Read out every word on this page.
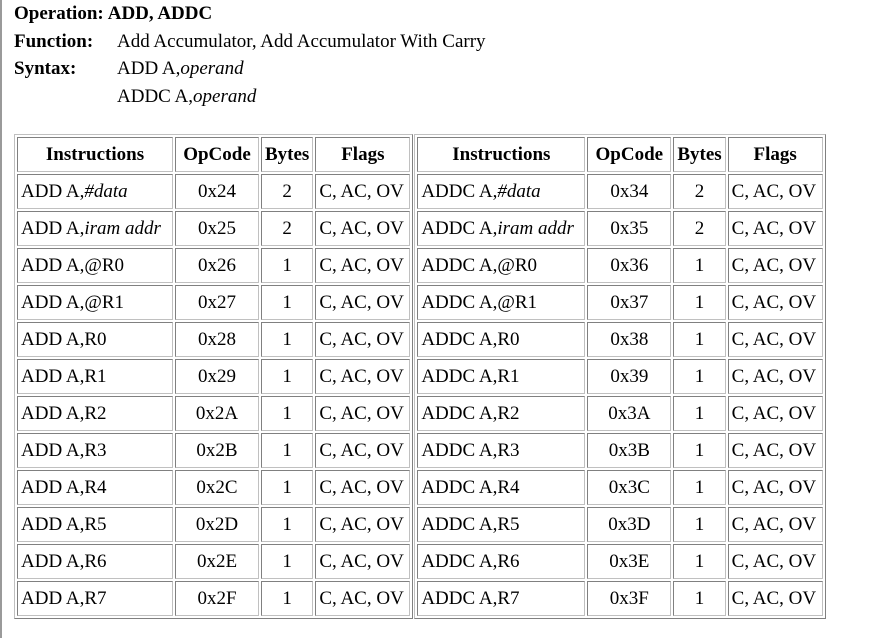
Operation: ADD, ADDC
Function:	Add Accumulator, Add Accumulator With Carry
Syntax:	ADD A,operand
ADDC A,operand
Instructions	OpCode	Bytes	Flags
ADD A,#data	0x24	2	C, AC, OV
ADD A,iram addr	0x25	2	C, AC, OV
ADD A,@R0	0x26	1	C, AC, OV
ADD A,@R1	0x27	1	C, AC, OV
ADD A,R0	0x28	1	C, AC, OV
ADD A,R1	0x29	1	C, AC, OV
ADD A,R2	0x2A	1	C, AC, OV
ADD A,R3	0x2B	1	C, AC, OV
ADD A,R4	0x2C	1	C, AC, OV
ADD A,R5	0x2D	1	C, AC, OV
ADD A,R6	0x2E	1	C, AC, OV
ADD A,R7	0x2F	1	C, AC, OV
Instructions	OpCode	Bytes	Flags
ADDC A,#data	0x34	2	C, AC, OV
ADDC A,iram addr	0x35	2	C, AC, OV
ADDC A,@R0	0x36	1	C, AC, OV
ADDC A,@R1	0x37	1	C, AC, OV
ADDC A,R0	0x38	1	C, AC, OV
ADDC A,R1	0x39	1	C, AC, OV
ADDC A,R2	0x3A	1	C, AC, OV
ADDC A,R3	0x3B	1	C, AC, OV
ADDC A,R4	0x3C	1	C, AC, OV
ADDC A,R5	0x3D	1	C, AC, OV
ADDC A,R6	0x3E	1	C, AC, OV
ADDC A,R7	0x3F	1	C, AC, OV
